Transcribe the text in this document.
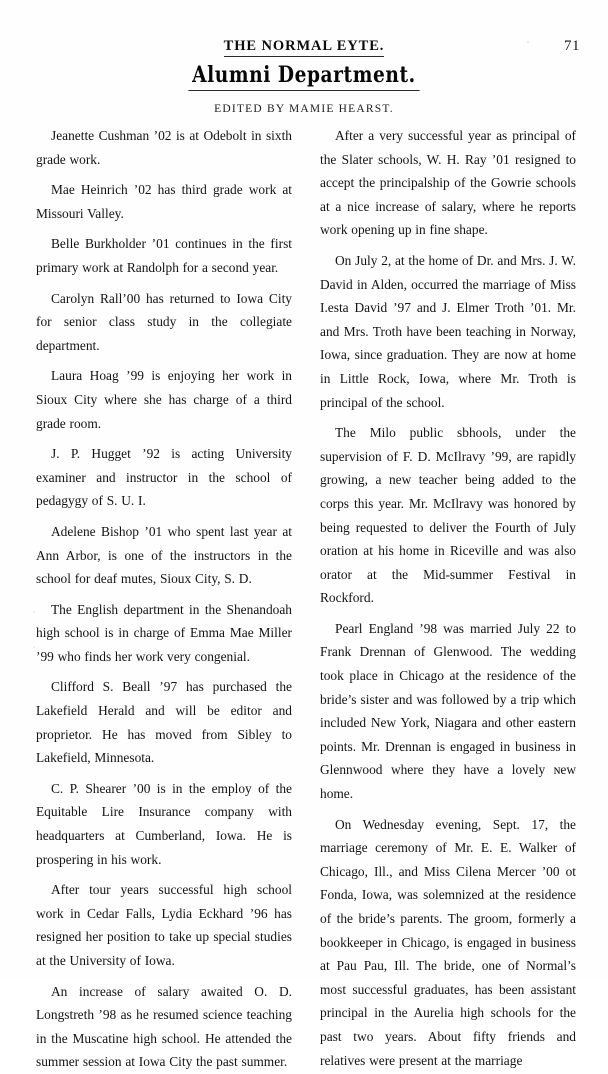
THE NORMAL EYTE.	71
Alumni Department.
EDITED BY MAMIE HEARST.

Jeanette Cushman ’02 is at Odebolt in sixth grade work.

Mae Heinrich ’02 has third grade work at Missouri Valley.

Belle Burkholder ’01 continues in the first primary work at Randolph for a second year.

Carolyn Rall’00 has returned to Iowa City for senior class study in the collegiate department.

Laura Hoag ’99 is enjoying her work in Sioux City where she has charge of a third grade room.

J. P. Hugget ’92 is acting University examiner and instructor in the school of pedagygy of S. U. I.

Adelene Bishop ’01 who spent last year at Ann Arbor, is one of the instructors in the school for deaf mutes, Sioux City, S. D.

The English department in the Shenandoah high school is in charge of Emma Mae Miller ’99 who finds her work very congenial.

Clifford S. Beall ’97 has purchased the Lakefield Herald and will be editor and proprietor. He has moved from Sibley to Lakefield, Minnesota.

C. P. Shearer ’00 is in the employ of the Equitable Lire Insurance company with headquarters at Cumberland, Iowa. He is prospering in his work.

After tour years successful high school work in Cedar Falls, Lydia Eckhard ’96 has resigned her position to take up special studies at the University of Iowa.

An increase of salary awaited O. D. Longstreth ’98 as he resumed science teaching in the Muscatine high school. He attended the summer session at Iowa City the past summer.

After a very successful year as principal of the Slater schools, W. H. Ray ’01 resigned to accept the principalship of the Gowrie schools at a nice increase of salary, where he reports work opening up in fine shape.

On July 2, at the home of Dr. and Mrs. J. W. David in Alden, occurred the marriage of Miss I.esta David ’97 and J. Elmer Troth ’01. Mr. and Mrs. Troth have been teaching in Norway, Iowa, since graduation. They are now at home in Little Rock, Iowa, where Mr. Troth is principal of the school.

The Milo public sbhools, under the supervision of F. D. McIlravy ’99, are rapidly growing, a new teacher being added to the corps this year. Mr. McIlravy was honored by being requested to deliver the Fourth of July oration at his home in Riceville and was also orator at the Mid-summer Festival in Rockford.

Pearl England ’98 was married July 22 to Frank Drennan of Glenwood. The wedding took place in Chicago at the residence of the bride’s sister and was followed by a trip which included New York, Niagara and other eastern points. Mr. Drennan is engaged in business in Glennwood where they have a lovely ɴew home.

On Wednesday evening, Sept. 17, the marriage ceremony of Mr. E. E. Walker of Chicago, Ill., and Miss Cilena Mercer ’00 ot Fonda, Iowa, was solemnized at the residence of the bride’s parents. The groom, formerly a bookkeeper in Chicago, is engaged in business at Pau Pau, Ill. The bride, one of Normal’s most successful graduates, has been assistant principal in the Aurelia high schools for the past two years. About fifty friends and relatives were present at the marriage
